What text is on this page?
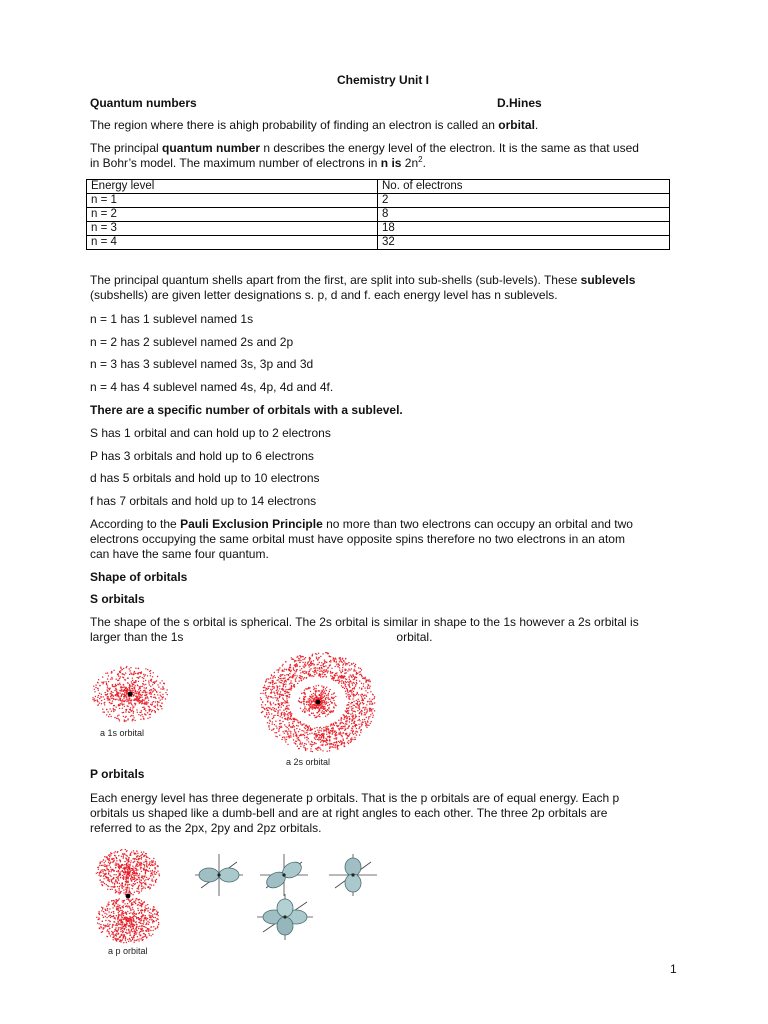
Chemistry Unit I
Quantum numbers	D.Hines
The region where there is ahigh probability of finding an electron is called an orbital.
The principal quantum number n describes the energy level of the electron. It is the same as that used
in Bohr’s model. The maximum number of electrons in n is $2n^2$.
Energy level	No. of electrons
n = 1	2
n = 2	8
n = 3	18
n = 4	32
The principal quantum shells apart from the first, are split into sub-shells (sub-levels). These sublevels
(subshells) are given letter designations s. p, d and f. each energy level has n sublevels.
n = 1 has 1 sublevel named 1s
n = 2 has 2 sublevel named 2s and 2p
n = 3 has 3 sublevel named 3s, 3p and 3d
n = 4 has 4 sublevel named 4s, 4p, 4d and 4f.
There are a specific number of orbitals with a sublevel.
S has 1 orbital and can hold up to 2 electrons
P has 3 orbitals and hold up to 6 electrons
d has 5 orbitals and hold up to 10 electrons
f has 7 orbitals and hold up to 14 electrons
According to the Pauli Exclusion Principle no more than two electrons can occupy an orbital and two
electrons occupying the same orbital must have opposite spins therefore no two electrons in an atom
can have the same four quantum.
Shape of orbitals
S orbitals
The shape of the s orbital is spherical. The 2s orbital is similar in shape to the 1s however a 2s orbital is
larger than the 1s	orbital.
a 1s orbital
a 2s orbital
P orbitals
Each energy level has three degenerate p orbitals. That is the p orbitals are of equal energy. Each p
orbitals us shaped like a dumb-bell and are at right angles to each other. The three 2p orbitals are
referred to as the 2px, 2py and 2pz orbitals.
a p orbital
1
